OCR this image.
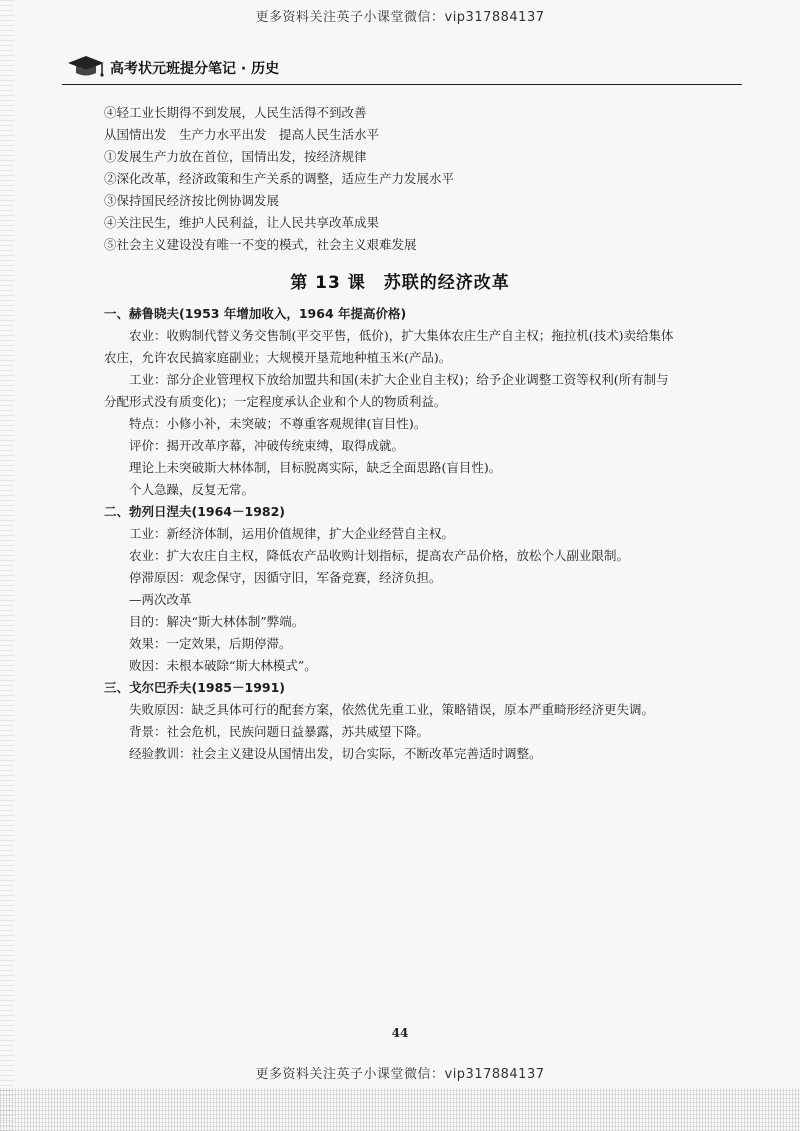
更多资料关注英子小课堂微信：vip317884137
高考状元班提分笔记 · 历史
④轻工业长期得不到发展，人民生活得不到改善
从国情出发　生产力水平出发　提高人民生活水平
①发展生产力放在首位，国情出发，按经济规律
②深化改革，经济政策和生产关系的调整，适应生产力发展水平
③保持国民经济按比例协调发展
④关注民生，维护人民利益，让人民共享改革成果
⑤社会主义建设没有唯一不变的模式，社会主义艰难发展
第 13 课　苏联的经济改革
一、赫鲁晓夫(1953 年增加收入，1964 年提高价格)
　　农业：收购制代替义务交售制(平交平售，低价)，扩大集体农庄生产自主权；拖拉机(技术)卖给集体
农庄，允许农民搞家庭副业；大规模开垦荒地种植玉米(产品)。
　　工业：部分企业管理权下放给加盟共和国(未扩大企业自主权)；给予企业调整工资等权利(所有制与
分配形式没有质变化)；一定程度承认企业和个人的物质利益。
　　特点：小修小补，未突破；不尊重客观规律(盲目性)。
　　评价：揭开改革序幕，冲破传统束缚，取得成就。
　　理论上未突破斯大林体制，目标脱离实际，缺乏全面思路(盲目性)。
　　个人急躁，反复无常。
二、勃列日涅夫(1964－1982)
　　工业：新经济体制，运用价值规律，扩大企业经营自主权。
　　农业：扩大农庄自主权，降低农产品收购计划指标，提高农产品价格，放松个人副业限制。
　　停滞原因：观念保守，因循守旧，军备竞赛，经济负担。
　　—两次改革
　　目的：解决“斯大林体制”弊端。
　　效果：一定效果，后期停滞。
　　败因：未根本破除“斯大林模式”。
三、戈尔巴乔夫(1985－1991)
　　失败原因：缺乏具体可行的配套方案，依然优先重工业，策略错误，原本严重畸形经济更失调。
　　背景：社会危机，民族问题日益暴露，苏共威望下降。
　　经验教训：社会主义建设从国情出发，切合实际，不断改革完善适时调整。
44
更多资料关注英子小课堂微信：vip317884137
